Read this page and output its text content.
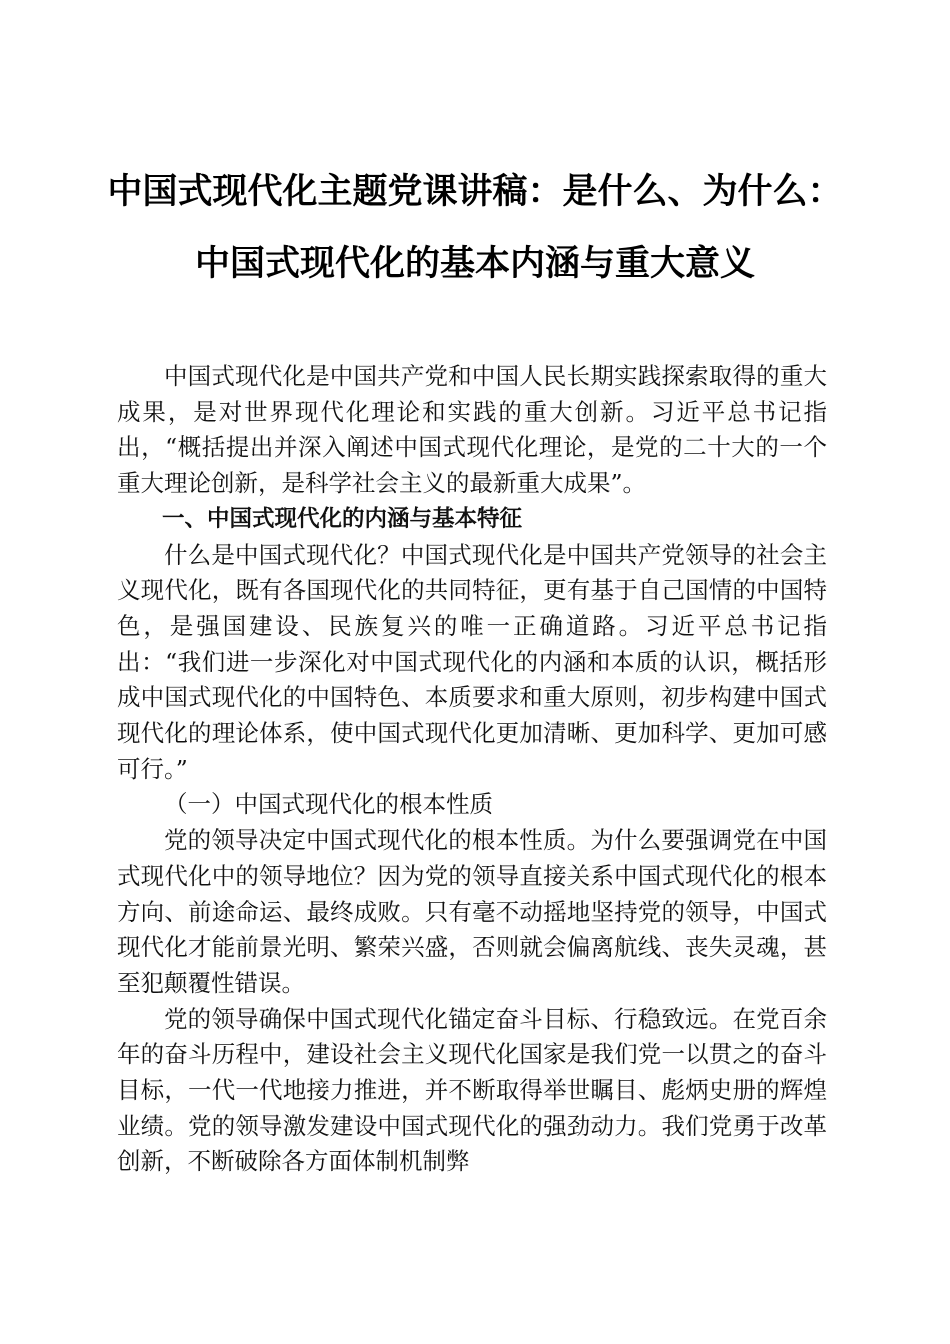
中国式现代化主题党课讲稿：是什么、为什么：
中国式现代化的基本内涵与重大意义

中国式现代化是中国共产党和中国人民长期实践探索取得的重大成果，是对世界现代化理论和实践的重大创新。习近平总书记指出，“概括提出并深入阐述中国式现代化理论，是党的二十大的一个重大理论创新，是科学社会主义的最新重大成果”。

一、中国式现代化的内涵与基本特征

什么是中国式现代化？中国式现代化是中国共产党领导的社会主义现代化，既有各国现代化的共同特征，更有基于自己国情的中国特色，是强国建设、民族复兴的唯一正确道路。习近平总书记指出：“我们进一步深化对中国式现代化的内涵和本质的认识，概括形成中国式现代化的中国特色、本质要求和重大原则，初步构建中国式现代化的理论体系，使中国式现代化更加清晰、更加科学、更加可感可行。”

（一）中国式现代化的根本性质

党的领导决定中国式现代化的根本性质。为什么要强调党在中国式现代化中的领导地位？因为党的领导直接关系中国式现代化的根本方向、前途命运、最终成败。只有毫不动摇地坚持党的领导，中国式现代化才能前景光明、繁荣兴盛，否则就会偏离航线、丧失灵魂，甚至犯颠覆性错误。

党的领导确保中国式现代化锚定奋斗目标、行稳致远。在党百余年的奋斗历程中，建设社会主义现代化国家是我们党一以贯之的奋斗目标，一代一代地接力推进，并不断取得举世瞩目、彪炳史册的辉煌业绩。党的领导激发建设中国式现代化的强劲动力。我们党勇于改革创新，不断破除各方面体制机制弊
